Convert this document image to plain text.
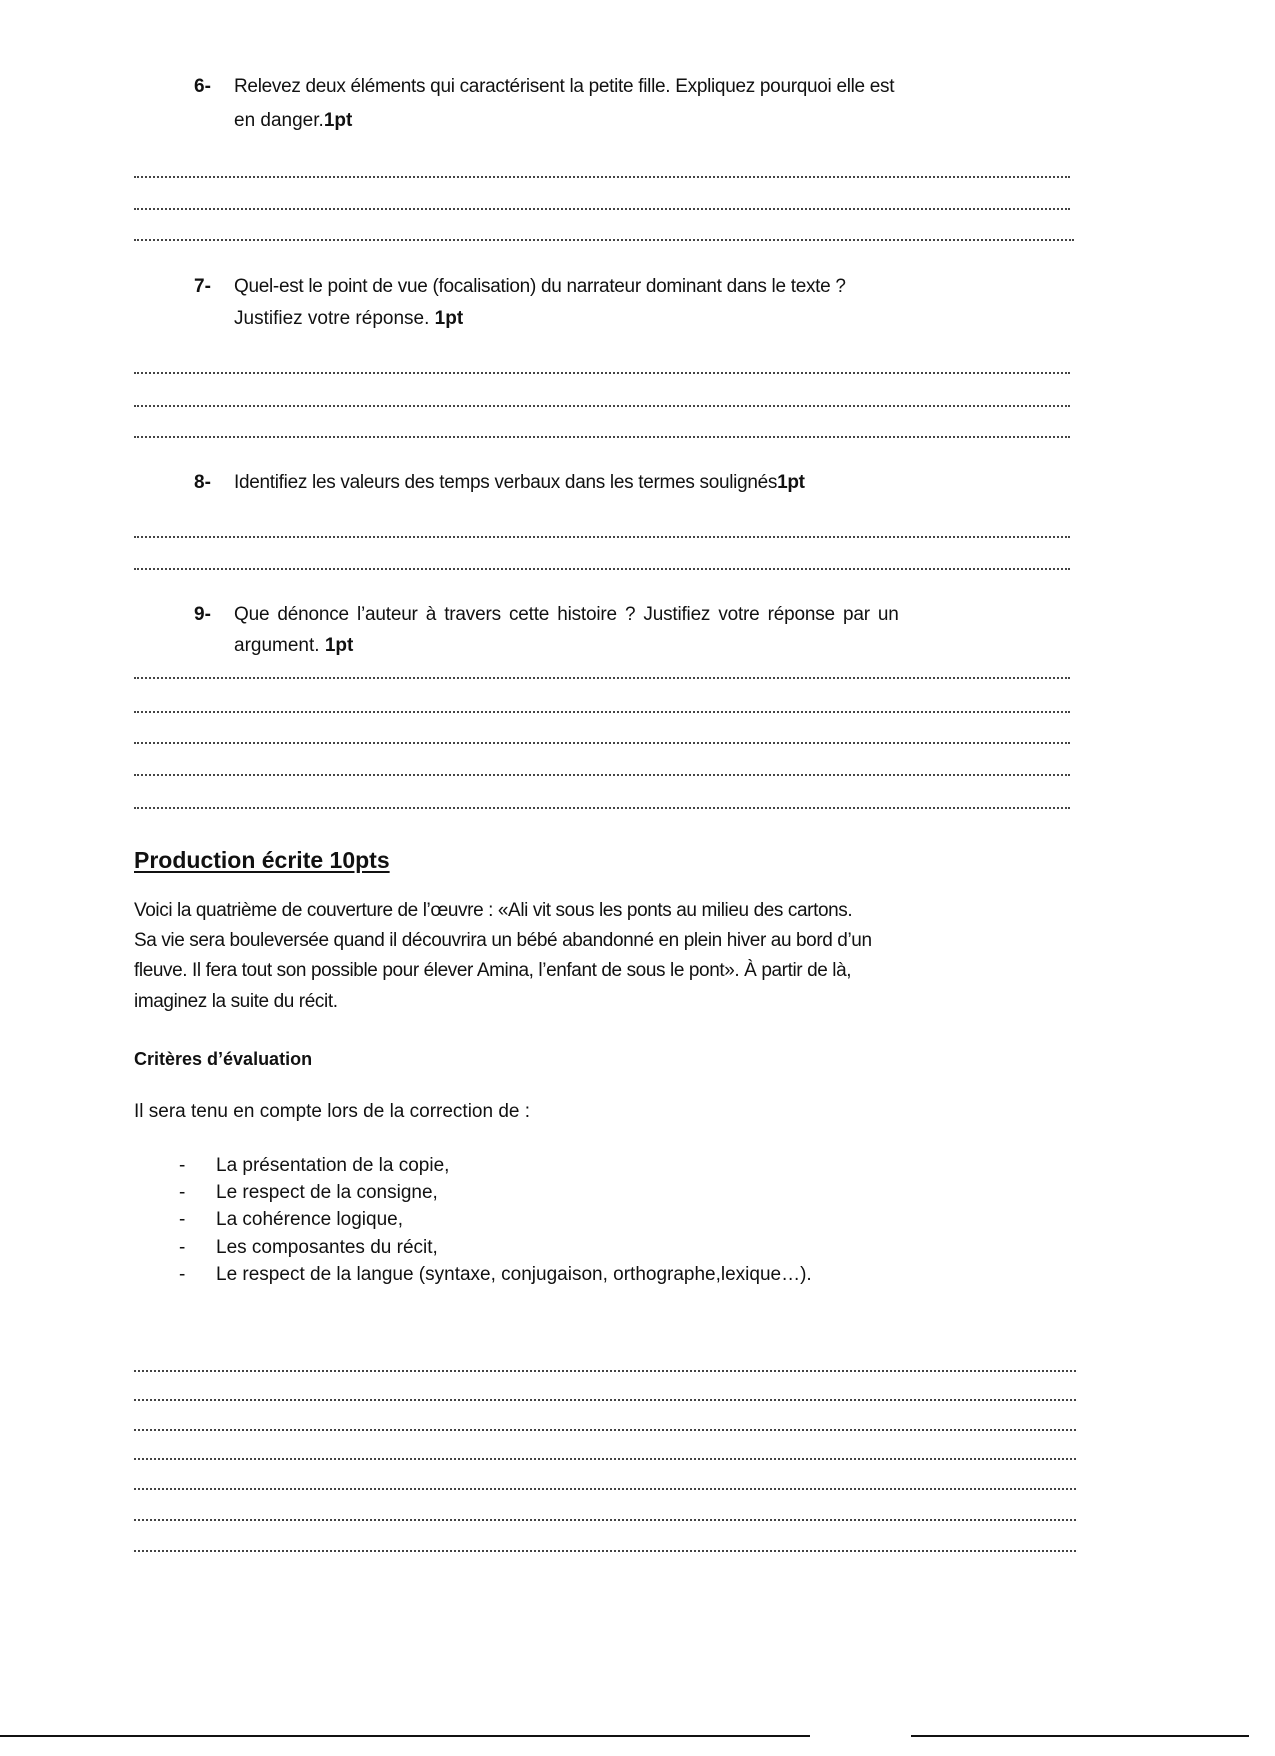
6- Relevez deux éléments qui caractérisent la petite fille. Expliquez pourquoi elle est
en danger.1pt
7- Quel-est le point de vue (focalisation) du narrateur dominant dans le texte ?
Justifiez votre réponse. 1pt
8- Identifiez les valeurs des temps verbaux dans les termes soulignés1pt
9- Que dénonce l’auteur à travers cette histoire ? Justifiez votre réponse par un
argument. 1pt
Production écrite 10pts
Voici la quatrième de couverture de l’œuvre : «Ali vit sous les ponts au milieu des cartons.
Sa vie sera bouleversée quand il découvrira un bébé abandonné en plein hiver au bord d’un
fleuve. Il fera tout son possible pour élever Amina, l’enfant de sous le pont». À partir de là,
imaginez la suite du récit.
Critères d’évaluation
Il sera tenu en compte lors de la correction de :
- La présentation de la copie,
- Le respect de la consigne,
- La cohérence logique,
- Les composantes du récit,
- Le respect de la langue (syntaxe, conjugaison, orthographe,lexique…).
